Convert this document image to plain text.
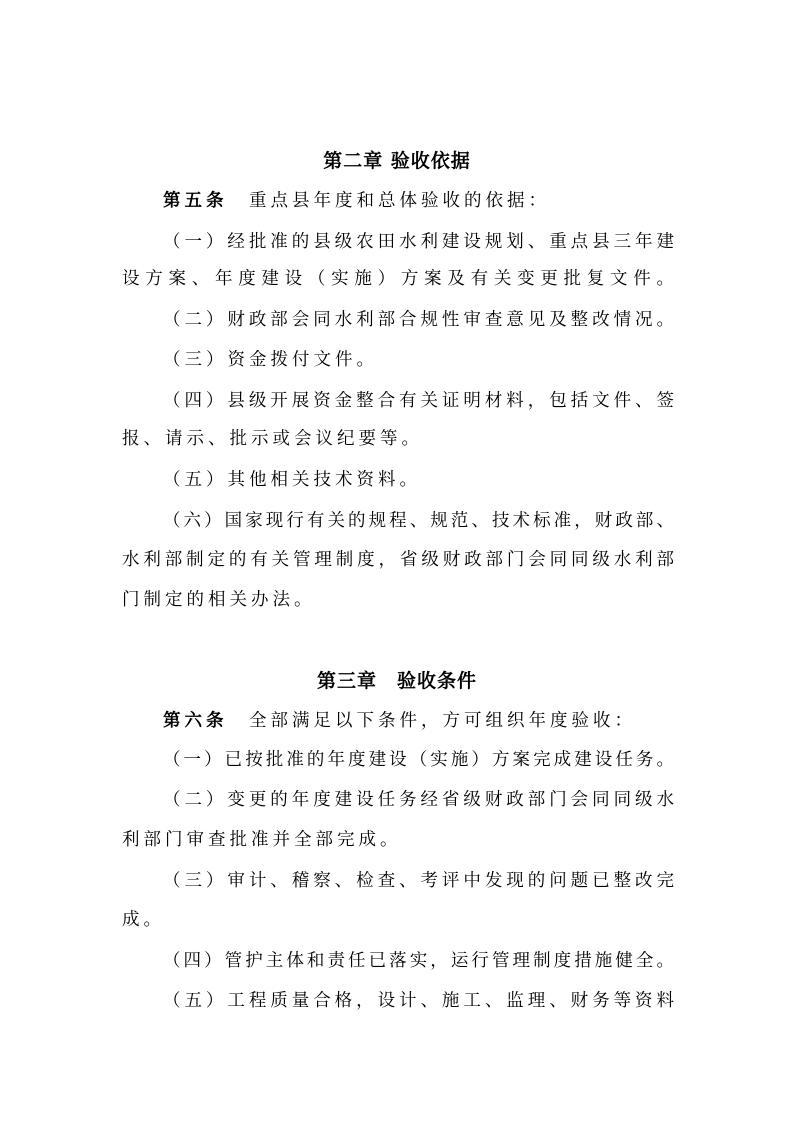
第二章 验收依据
第五条　 重点县年度和总体验收的依据：
（一）经批准的县级农田水利建设规划、重点县三年建
设方案、年度建设（实施）方案及有关变更批复文件。
（二）财政部会同水利部合规性审查意见及整改情况。
（三）资金拨付文件。
（四）县级开展资金整合有关证明材料，包括文件、签
报、请示、批示或会议纪要等。
（五）其他相关技术资料。
（六）国家现行有关的规程、规范、技术标准，财政部、
水利部制定的有关管理制度，省级财政部门会同同级水利部
门制定的相关办法。
第三章　验收条件
第六条　 全部满足以下条件，方可组织年度验收：
（一）已按批准的年度建设（实施）方案完成建设任务。
（二）变更的年度建设任务经省级财政部门会同同级水
利部门审查批准并全部完成。
（三）审计、稽察、检查、考评中发现的问题已整改完
成。
（四）管护主体和责任已落实，运行管理制度措施健全。
（五）工程质量合格，设计、施工、监理、财务等资料
